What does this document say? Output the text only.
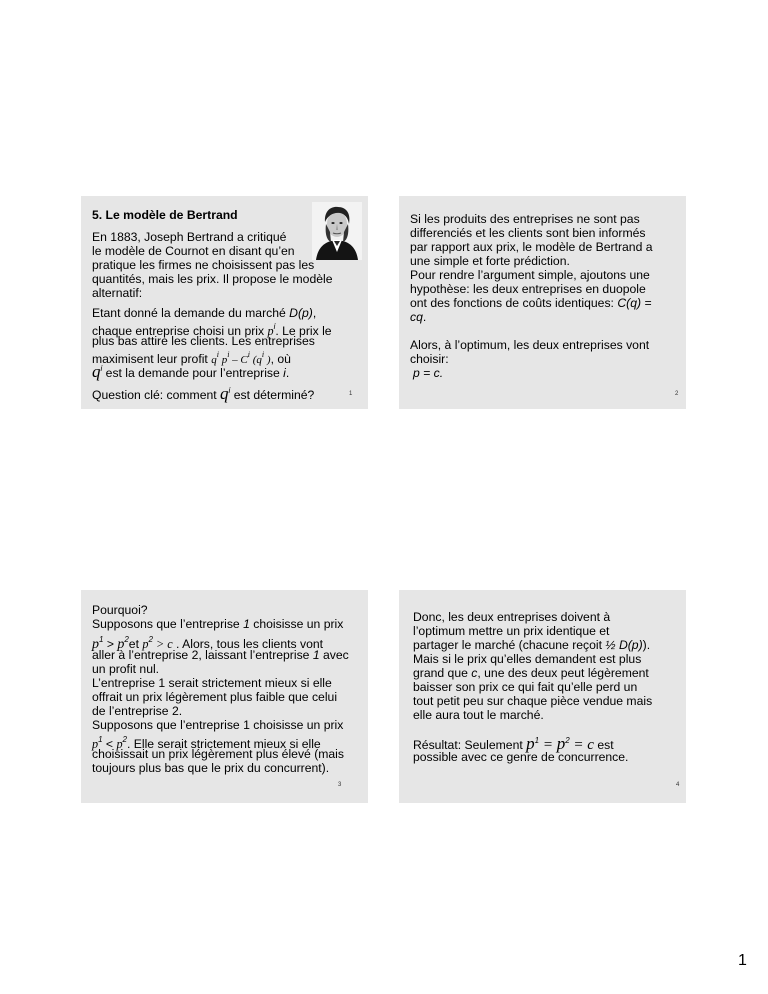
5. Le modèle de Bertrand
En 1883, Joseph Bertrand a critiqué
le modèle de Cournot en disant qu’en
pratique les firmes ne choisissent pas les
quantités, mais les prix. Il propose le modèle
alternatif:
Etant donné la demande du marché D(p),
chaque entreprise choisi un prix $p^i$. Le prix le
plus bas attire les clients. Les entreprises
maximisent leur profit $q^i$ $p^i - C^i$ ($q^i$ ), où
$q^i$ est la demande pour l’entreprise i.
Question clé: comment $q^i$ est déterminé?	1
Si les produits des entreprises ne sont pas
differenciés et les clients sont bien informés
par rapport aux prix, le modèle de Bertrand a
une simple et forte prédiction.
Pour rendre l’argument simple, ajoutons une
hypothèse: les deux entreprises en duopole
ont des fonctions de coûts identiques: C(q) =
cq.
Alors, à l’optimum, les deux entreprises vont
choisir:
p = c.
2
Pourquoi?
Supposons que l’entreprise 1 choisisse un prix
$p^1 > p^2et$ $p^2 > c$ . Alors, tous les clients vont
aller à l’entreprise 2, laissant l’entreprise 1 avec
un profit nul.
L’entreprise 1 serait strictement mieux si elle
offrait un prix légèrement plus faible que celui
de l’entreprise 2.
Supposons que l’entreprise 1 choisisse un prix
$p^1 < p^2$. Elle serait strictement mieux si elle
choisissait un prix légèrement plus élevé (mais
toujours plus bas que le prix du concurrent).
3
Donc, les deux entreprises doivent à
l’optimum mettre un prix identique et
partager le marché (chacune reçoit ½ D(p)).
Mais si le prix qu’elles demandent est plus
grand que c, une des deux peut légèrement
baisser son prix ce qui fait qu’elle perd un
tout petit peu sur chaque pièce vendue mais
elle aura tout le marché.
Résultat: Seulement $p^1 = p^2 = c$ est
possible avec ce genre de concurrence.
4
1
